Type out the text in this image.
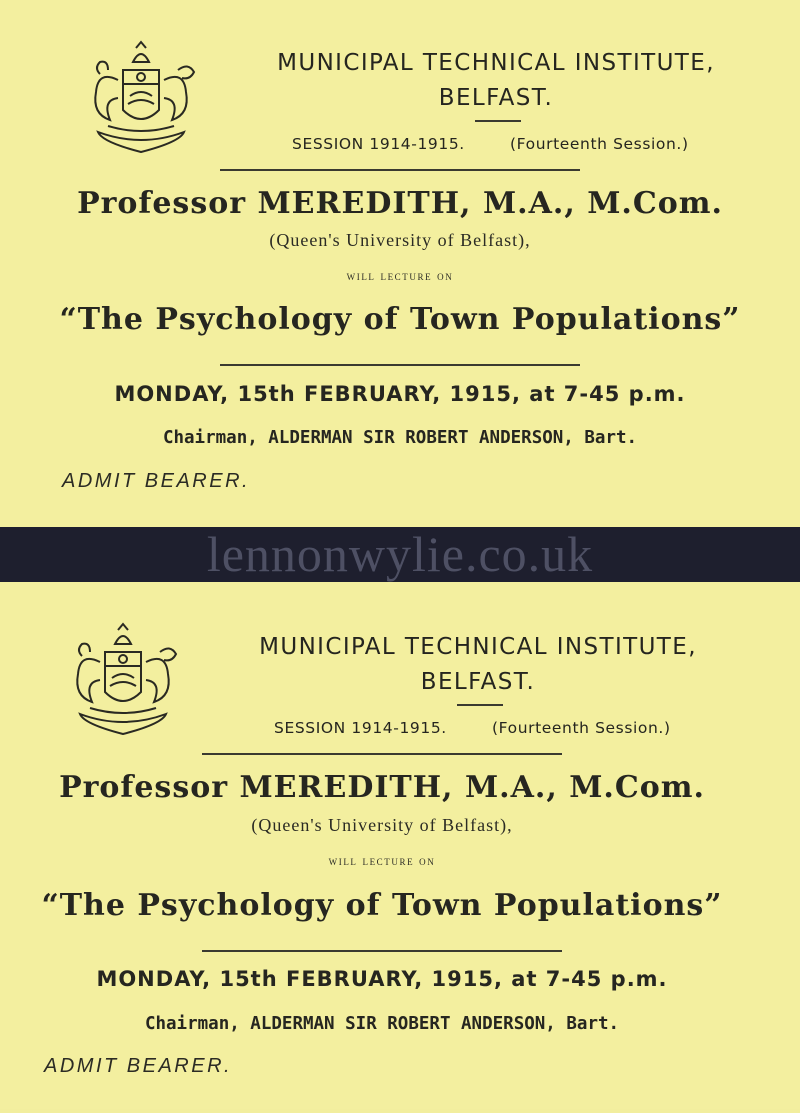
MUNICIPAL TECHNICAL INSTITUTE,
BELFAST.
SESSION 1914-1915.	(Fourteenth Session.)
Professor MEREDITH, M.A., M.Com.
(Queen's University of Belfast),
will lecture on
“The Psychology of Town Populations”
MONDAY, 15th FEBRUARY, 1915, at 7-45 p.m.
Chairman, ALDERMAN SIR ROBERT ANDERSON, Bart.
ADMIT BEARER.
lennonwylie.co.uk
MUNICIPAL TECHNICAL INSTITUTE,
BELFAST.
SESSION 1914-1915.	(Fourteenth Session.)
Professor MEREDITH, M.A., M.Com.
(Queen's University of Belfast),
will lecture on
“The Psychology of Town Populations”
MONDAY, 15th FEBRUARY, 1915, at 7-45 p.m.
Chairman, ALDERMAN SIR ROBERT ANDERSON, Bart.
ADMIT BEARER.
